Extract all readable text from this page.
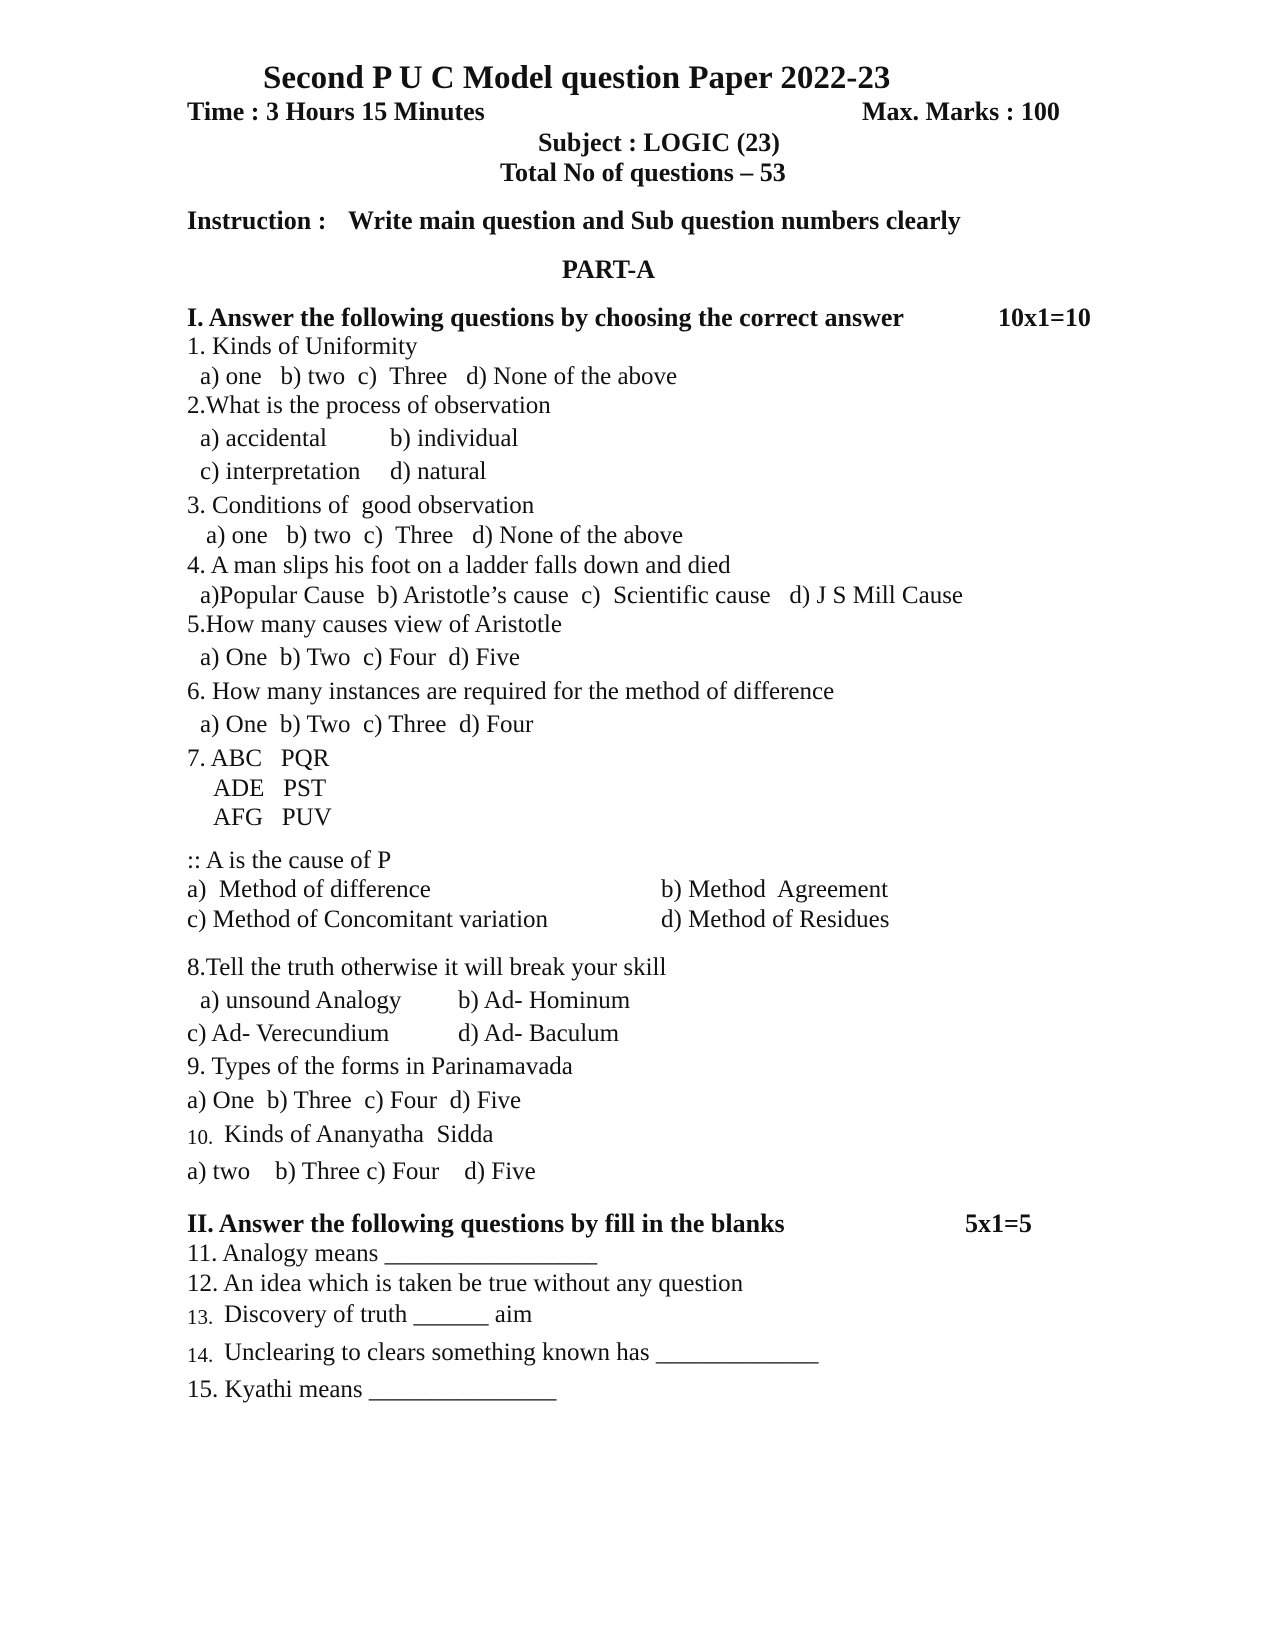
Second P U C Model question Paper 2022-23
Time : 3 Hours 15 Minutes	Max. Marks : 100
Subject : LOGIC (23)
Total No of questions – 53
Instruction : Write main question and Sub question numbers clearly
PART-A
I. Answer the following questions by choosing the correct answer	10x1=10
1. Kinds of Uniformity
a) one   b) two  c)  Three   d) None of the above
2.What is the process of observation
a) accidental	b) individual
c) interpretation d) natural
3. Conditions of  good observation
a) one   b) two  c)  Three   d) None of the above
4. A man slips his foot on a ladder falls down and died
a)Popular Cause  b) Aristotle’s cause  c)  Scientific cause   d) J S Mill Cause
5.How many causes view of Aristotle
a) One  b) Two  c) Four  d) Five
6. How many instances are required for the method of difference
a) One  b) Two  c) Three  d) Four
7. ABC   PQR
ADE   PST
AFG   PUV
:: A is the cause of P
a)  Method of difference	b) Method  Agreement
c) Method of Concomitant variation	d) Method of Residues
8.Tell the truth otherwise it will break your skill
a) unsound Analogy b) Ad- Hominum
c) Ad- Verecundium	d) Ad- Baculum
9. Types of the forms in Parinamavada
a) One  b) Three  c) Four  d) Five
10. Kinds of Ananyatha  Sidda
a) two    b) Three c) Four    d) Five
II. Answer the following questions by fill in the blanks	5x1=5
11. Analogy means _________________
12. An idea which is taken be true without any question
13. Discovery of truth ______ aim
14. Unclearing to clears something known has _____________
15. Kyathi means _______________
